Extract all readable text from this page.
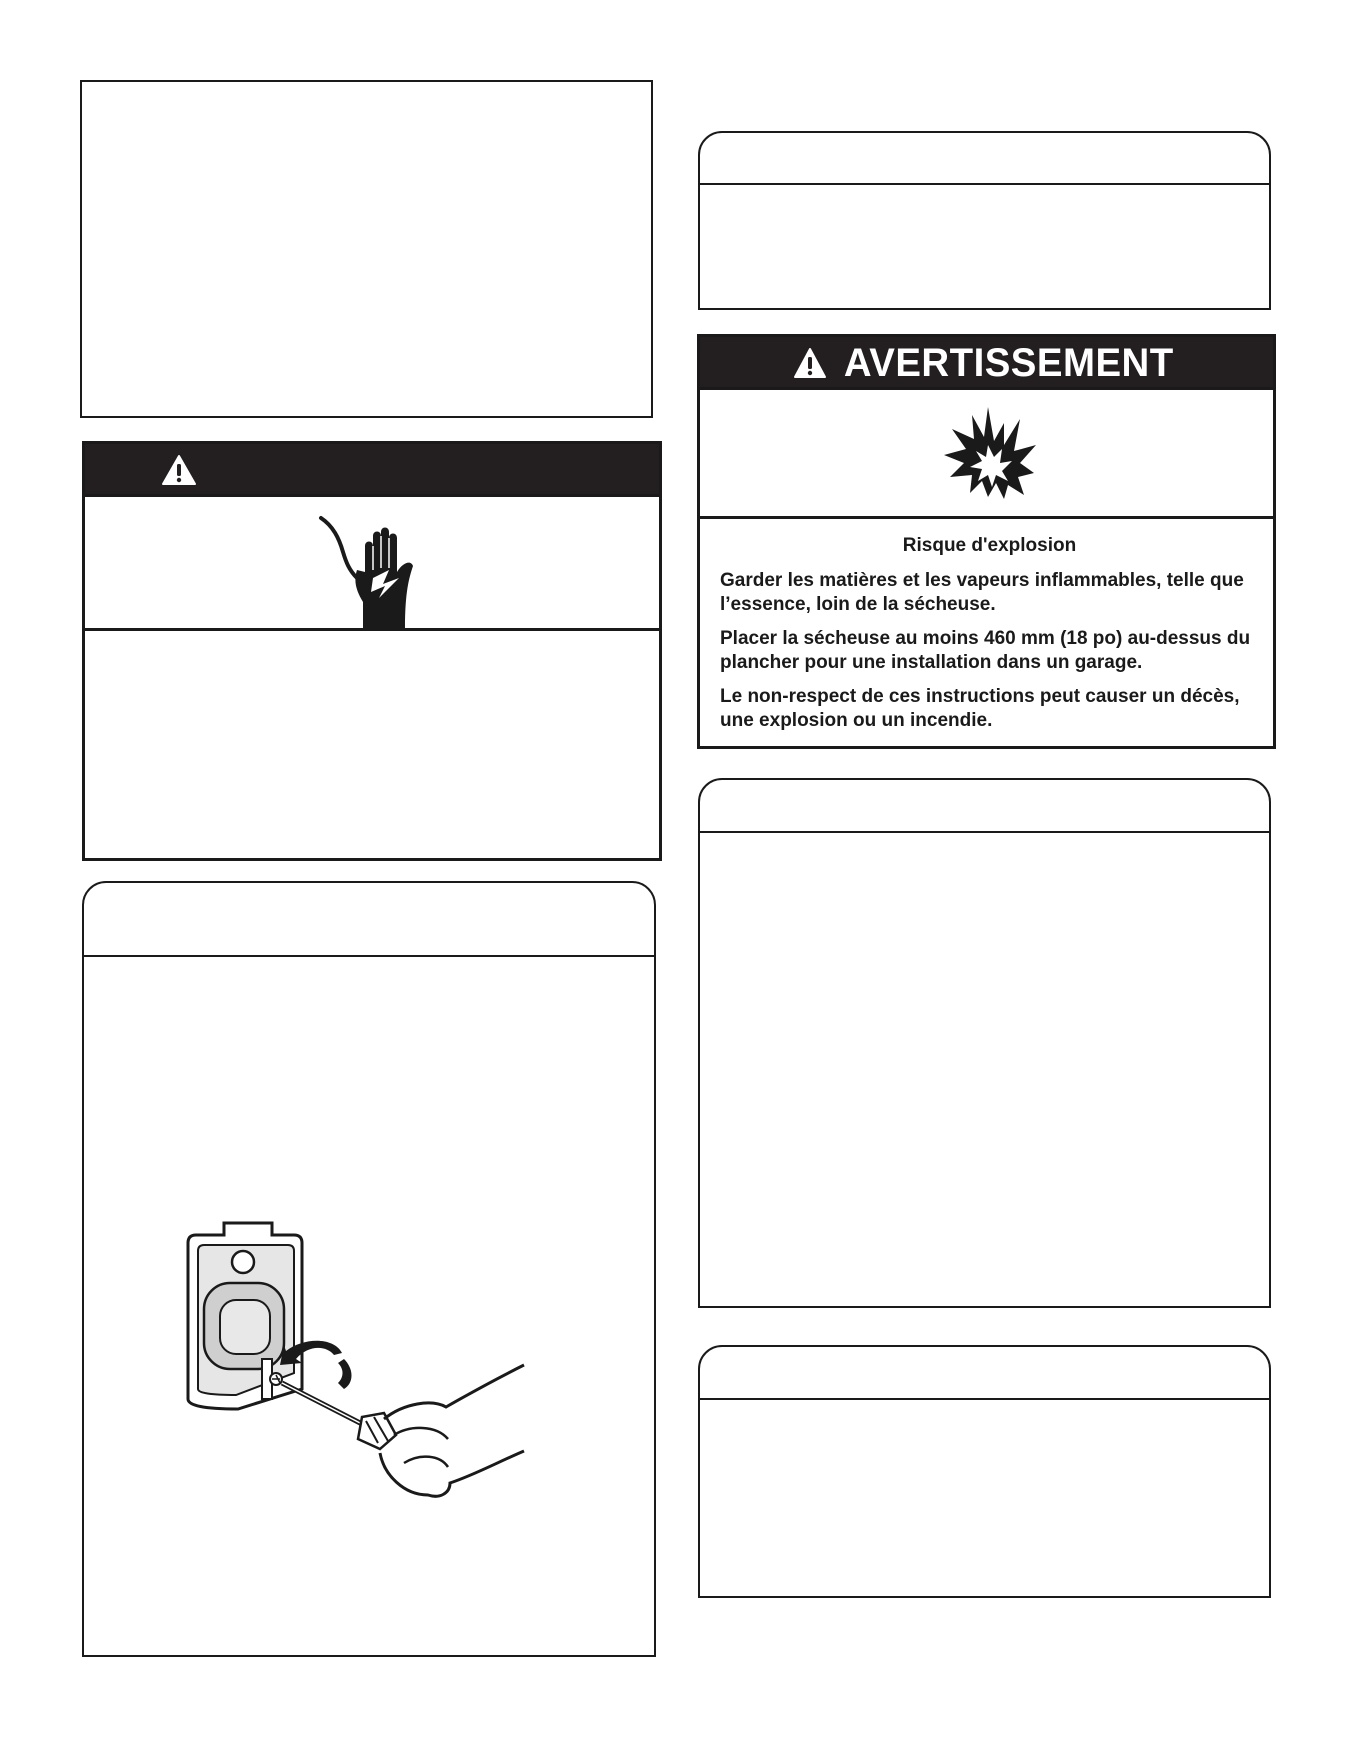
AVERTISSEMENT
Risque d'explosion

Garder les matières et les vapeurs inflammables, telle que l’essence, loin de la sécheuse.

Placer la sécheuse au moins 460 mm (18 po) au-dessus du plancher pour une installation dans un garage.

Le non-respect de ces instructions peut causer un décès, une explosion ou un incendie.
